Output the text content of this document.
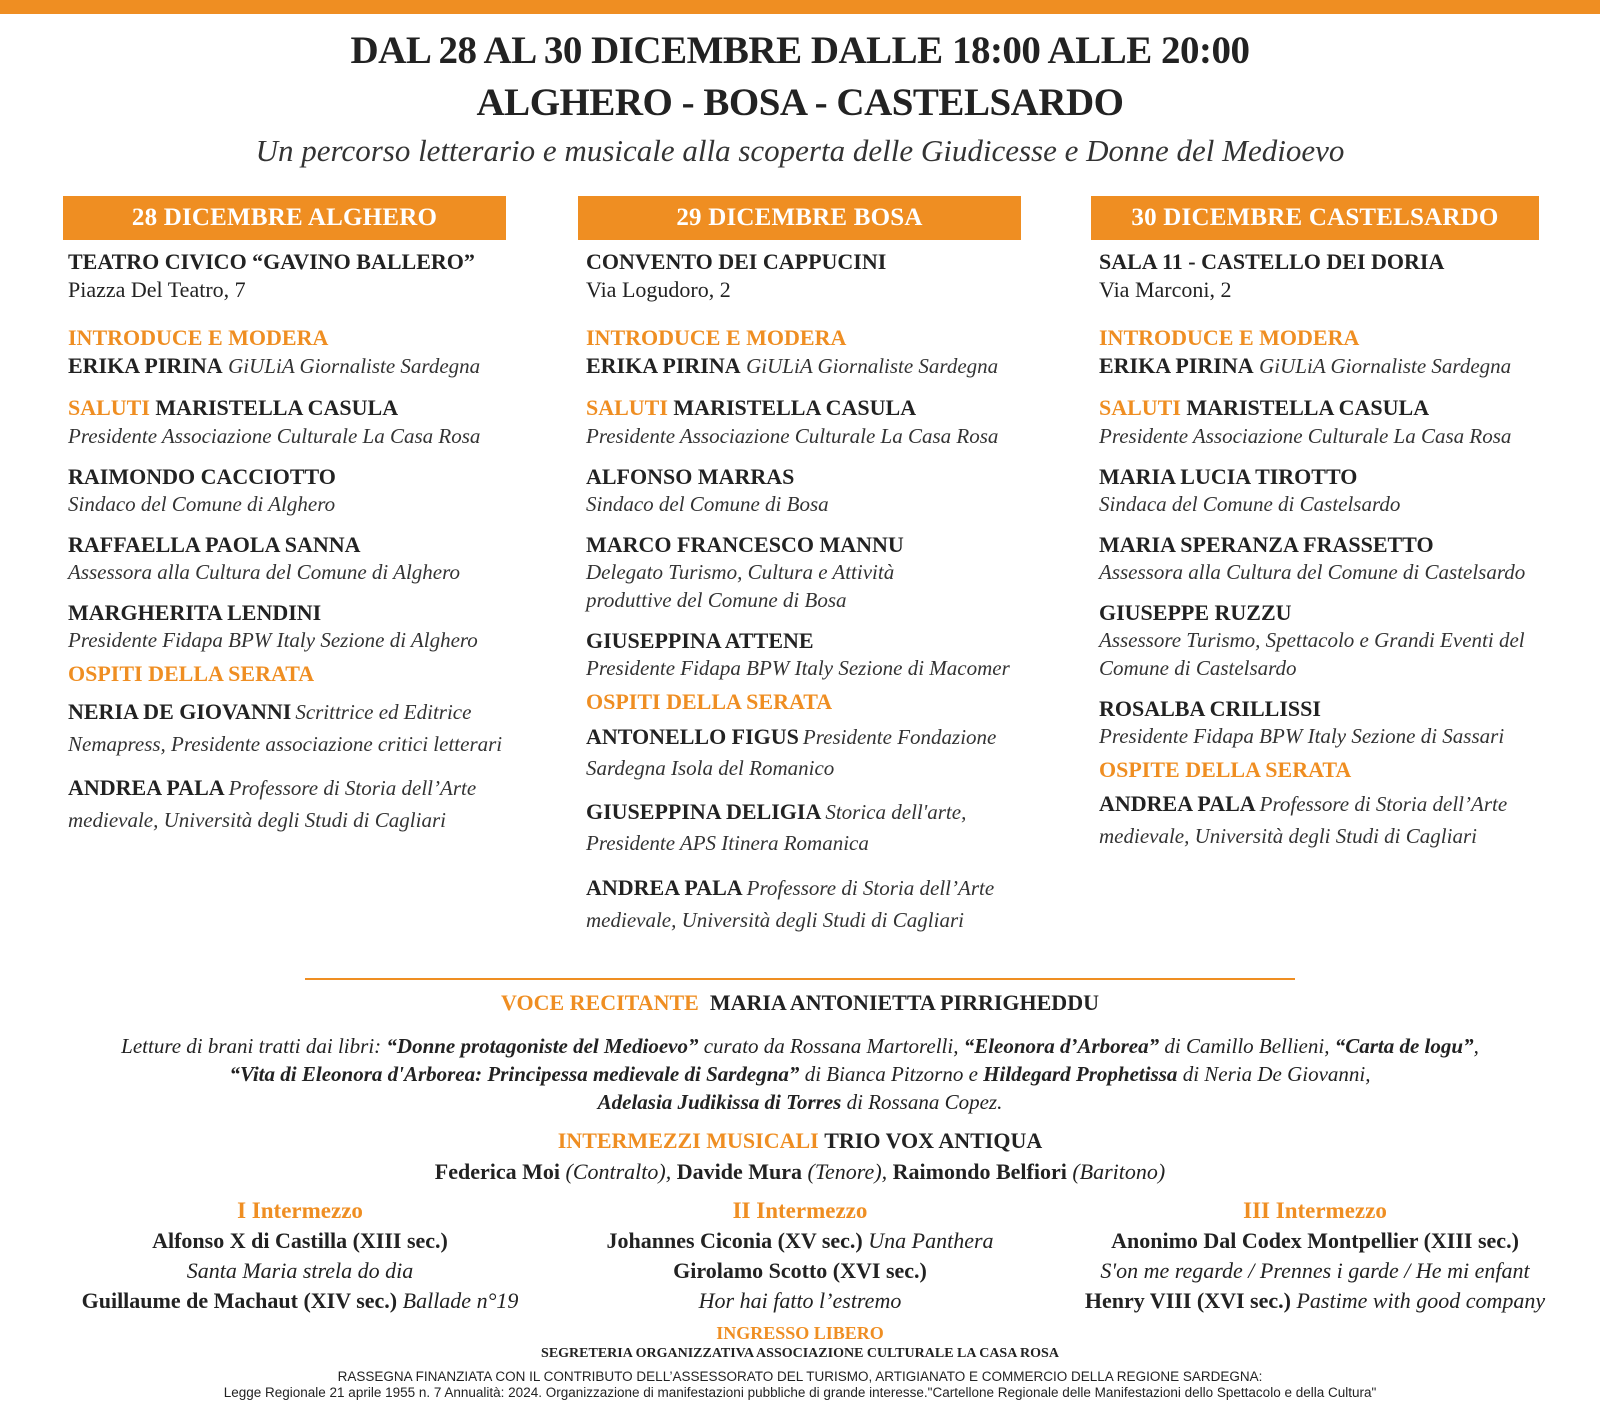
DAL 28 AL 30 DICEMBRE DALLE 18:00 ALLE 20:00
ALGHERO - BOSA - CASTELSARDO
Un percorso letterario e musicale alla scoperta delle Giudicesse e Donne del Medioevo
28 DICEMBRE ALGHERO
TEATRO CIVICO “GAVINO BALLERO”
Piazza Del Teatro, 7
INTRODUCE E MODERA
ERIKA PIRINA GiULiA Giornaliste Sardegna
SALUTI MARISTELLA CASULA
Presidente Associazione Culturale La Casa Rosa
RAIMONDO CACCIOTTO
Sindaco del Comune di Alghero
RAFFAELLA PAOLA SANNA
Assessora alla Cultura del Comune di Alghero
MARGHERITA LENDINI
Presidente Fidapa BPW Italy Sezione di Alghero
OSPITI DELLA SERATA
NERIA DE GIOVANNI Scrittrice ed Editrice Nemapress, Presidente associazione critici letterari
ANDREA PALA Professore di Storia dell’Arte medievale, Università degli Studi di Cagliari
29 DICEMBRE BOSA
CONVENTO DEI CAPPUCINI
Via Logudoro, 2
INTRODUCE E MODERA
ERIKA PIRINA GiULiA Giornaliste Sardegna
SALUTI MARISTELLA CASULA
Presidente Associazione Culturale La Casa Rosa
ALFONSO MARRAS
Sindaco del Comune di Bosa
MARCO FRANCESCO MANNU
Delegato Turismo, Cultura e Attività produttive del Comune di Bosa
GIUSEPPINA ATTENE
Presidente Fidapa BPW Italy Sezione di Macomer
OSPITI DELLA SERATA
ANTONELLO FIGUS Presidente Fondazione Sardegna Isola del Romanico
GIUSEPPINA DELIGIA Storica dell'arte, Presidente APS Itinera Romanica
ANDREA PALA Professore di Storia dell’Arte medievale, Università degli Studi di Cagliari
30 DICEMBRE CASTELSARDO
SALA 11 - CASTELLO DEI DORIA
Via Marconi, 2
INTRODUCE E MODERA
ERIKA PIRINA GiULiA Giornaliste Sardegna
SALUTI MARISTELLA CASULA
Presidente Associazione Culturale La Casa Rosa
MARIA LUCIA TIROTTO
Sindaca del Comune di Castelsardo
MARIA SPERANZA FRASSETTO
Assessora alla Cultura del Comune di Castelsardo
GIUSEPPE RUZZU
Assessore Turismo, Spettacolo e Grandi Eventi del Comune di Castelsardo
ROSALBA CRILLISSI
Presidente Fidapa BPW Italy Sezione di Sassari
OSPITE DELLA SERATA
ANDREA PALA Professore di Storia dell’Arte medievale, Università degli Studi di Cagliari
VOCE RECITANTE MARIA ANTONIETTA PIRRIGHEDDU
Letture di brani tratti dai libri: “Donne protagoniste del Medioevo” curato da Rossana Martorelli, “Eleonora d’Arborea” di Camillo Bellieni, “Carta de logu”,
“Vita di Eleonora d'Arborea: Principessa medievale di Sardegna” di Bianca Pitzorno e Hildegard Prophetissa di Neria De Giovanni,
Adelasia Judikissa di Torres di Rossana Copez.
INTERMEZZI MUSICALI TRIO VOX ANTIQUA
Federica Moi (Contralto), Davide Mura (Tenore), Raimondo Belfiori (Baritono)
I Intermezzo
Alfonso X di Castilla (XIII sec.)
Santa Maria strela do dia
Guillaume de Machaut (XIV sec.) Ballade n°19
II Intermezzo
Johannes Ciconia (XV sec.) Una Panthera
Girolamo Scotto (XVI sec.)
Hor hai fatto l’estremo
III Intermezzo
Anonimo Dal Codex Montpellier (XIII sec.)
S'on me regarde / Prennes i garde / He mi enfant
Henry VIII (XVI sec.) Pastime with good company
INGRESSO LIBERO
SEGRETERIA ORGANIZZATIVA ASSOCIAZIONE CULTURALE LA CASA ROSA
RASSEGNA FINANZIATA CON IL CONTRIBUTO DELL’ASSESSORATO DEL TURISMO, ARTIGIANATO E COMMERCIO DELLA REGIONE SARDEGNA:
Legge Regionale 21 aprile 1955 n. 7 Annualità: 2024. Organizzazione di manifestazioni pubbliche di grande interesse."Cartellone Regionale delle Manifestazioni dello Spettacolo e della Cultura"
